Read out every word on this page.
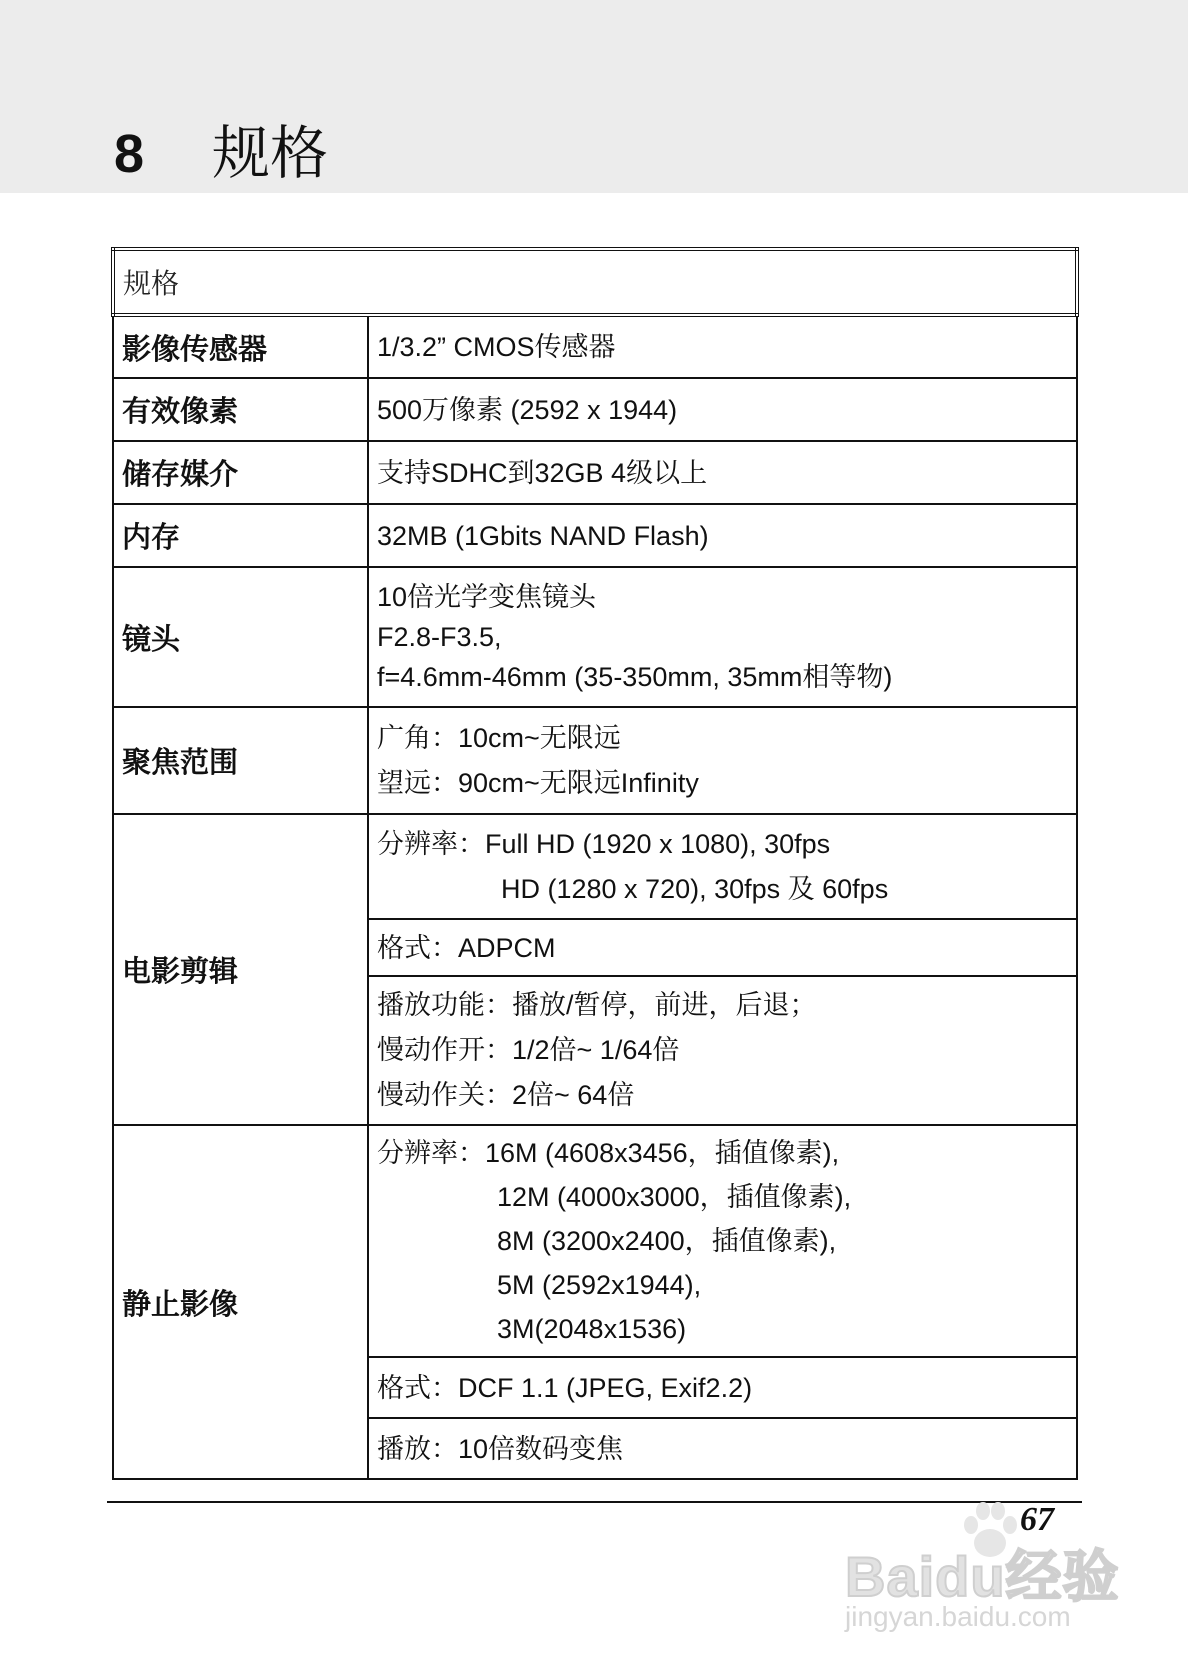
8 规格
规格	
影像传感器	1/3.2” CMOS传感器
有效像素	500万像素 (2592 x 1944)
储存媒介	支持SDHC到32GB 4级以上
内存	32MB (1Gbits NAND Flash)
镜头	10倍光学变焦镜头
F2.8-F3.5,
f=4.6mm-46mm (35-350mm, 35mm相等物)

聚焦范围	广角：10cm~无限远
望远：90cm~无限远Infinity

电影剪辑	分辨率：Full HD (1920 x 1080), 30fps
HD (1280 x 720), 30fps 及 60fps

	格式：ADPCM

	播放功能：播放/暂停，前进，后退；
慢动作开：1/2倍~ 1/64倍
慢动作关：2倍~ 64倍

静止影像	分辨率：16M (4608x3456，插值像素),
12M (4000x3000，插值像素),
8M (3200x2400，插值像素),
5M (2592x1944),
3M(2048x1536)

	格式：DCF 1.1 (JPEG, Exif2.2)
	播放：10倍数码变焦
67
Baidu经验
jingyan.baidu.com
